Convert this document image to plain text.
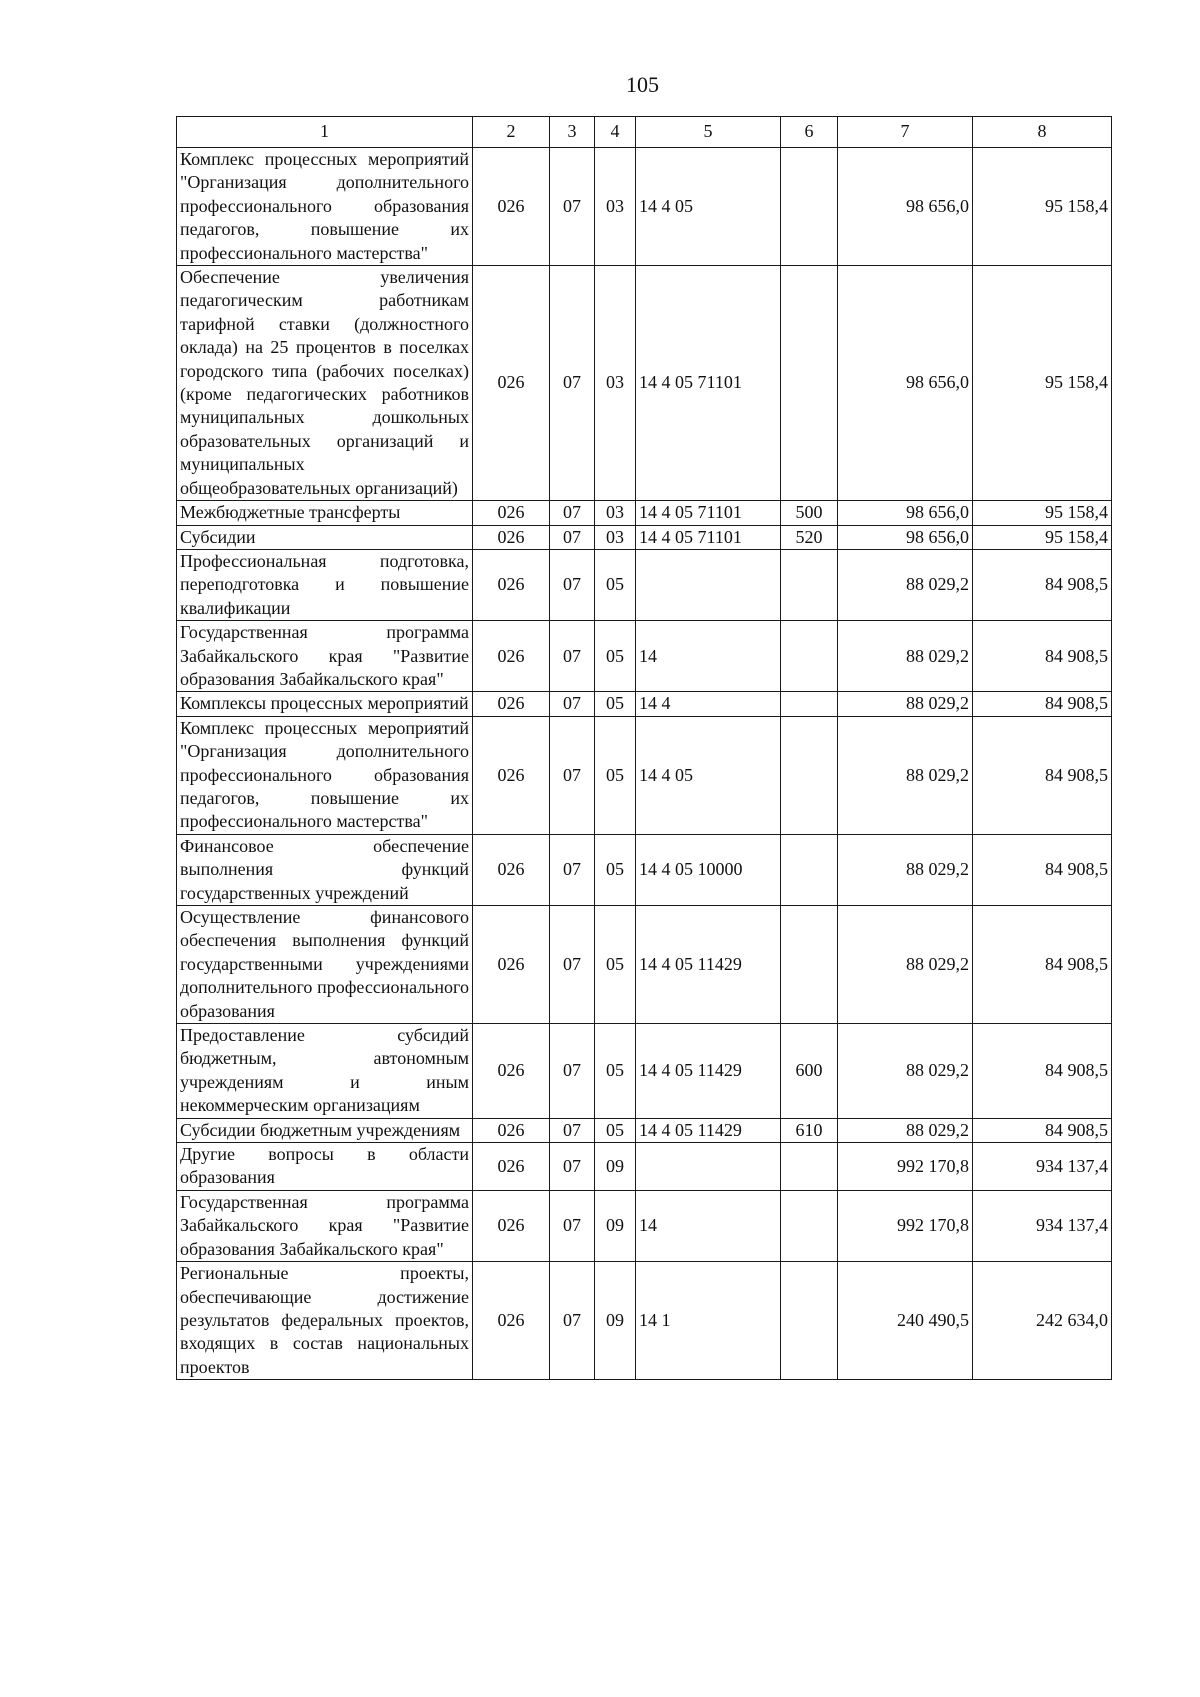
105
1	2	3	4	5	6	7	8
Комплекс процессных мероприятий "Организация дополнительного профессионального образования педагогов, повышение их профессионального мастерства"	026	07	03	14 4 05		98 656,0	95 158,4
Обеспечение увеличения педагогическим работникам тарифной ставки (должностного оклада) на 25 процентов в поселках городского типа (рабочих поселках) (кроме педагогических работников муниципальных дошкольных образовательных организаций и муниципальных общеобразовательных организаций)	026	07	03	14 4 05 71101		98 656,0	95 158,4
Межбюджетные трансферты	026	07	03	14 4 05 71101	500	98 656,0	95 158,4
Субсидии	026	07	03	14 4 05 71101	520	98 656,0	95 158,4
Профессиональная подготовка, переподготовка и повышение квалификации	026	07	05			88 029,2	84 908,5
Государственная программа Забайкальского края "Развитие образования Забайкальского края"	026	07	05	14		88 029,2	84 908,5
Комплексы процессных мероприятий	026	07	05	14 4		88 029,2	84 908,5
Комплекс процессных мероприятий "Организация дополнительного профессионального образования педагогов, повышение их профессионального мастерства"	026	07	05	14 4 05		88 029,2	84 908,5
Финансовое обеспечение выполнения функций государственных учреждений	026	07	05	14 4 05 10000		88 029,2	84 908,5
Осуществление финансового обеспечения выполнения функций государственными учреждениями дополнительного профессионального образования	026	07	05	14 4 05 11429		88 029,2	84 908,5
Предоставление субсидий бюджетным, автономным учреждениям и иным некоммерческим организациям	026	07	05	14 4 05 11429	600	88 029,2	84 908,5
Субсидии бюджетным учреждениям	026	07	05	14 4 05 11429	610	88 029,2	84 908,5
Другие вопросы в области образования	026	07	09			992 170,8	934 137,4
Государственная программа Забайкальского края "Развитие образования Забайкальского края"	026	07	09	14		992 170,8	934 137,4
Региональные проекты, обеспечивающие достижение результатов федеральных проектов, входящих в состав национальных проектов	026	07	09	14 1		240 490,5	242 634,0
